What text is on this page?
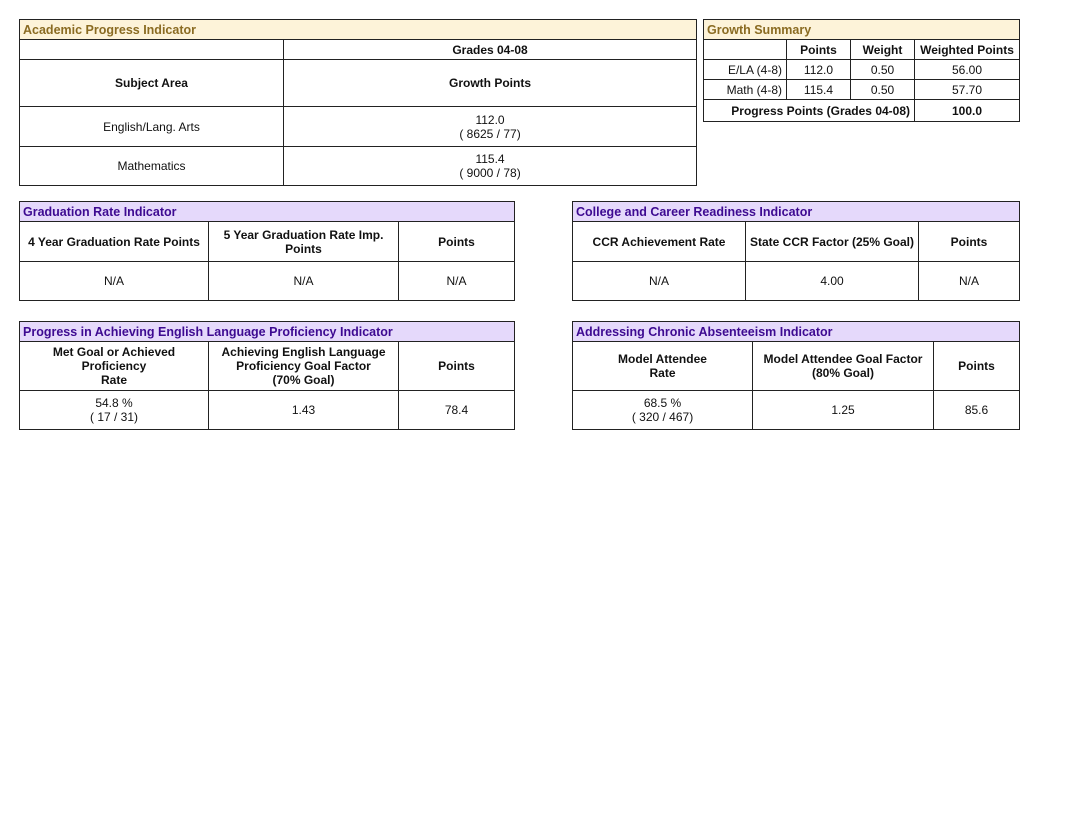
Academic Progress Indicator	
	Grades 04-08
Subject Area	Growth Points
English/Lang. Arts	112.0
( 8625 / 77)

Mathematics	115.4
( 9000 / 78)
Growth Summary			
	Points	Weight	Weighted Points
E/LA (4-8)	112.0	0.50	56.00
Math (4-8)	115.4	0.50	57.70
Progress Points (Grades 04-08)			100.0
Graduation Rate Indicator		
4 Year Graduation Rate Points	5 Year Graduation Rate Imp. Points	Points
N/A	N/A	N/A
College and Career Readiness Indicator		
CCR Achievement Rate	State CCR Factor (25% Goal)	Points
N/A	4.00	N/A
Progress in Achieving English Language Proficiency Indicator		

Met Goal or Achieved
Proficiency
Rate	Achieving English Language
Proficiency Goal Factor
(70% Goal)	Points

54.8 %
( 17 / 31)	1.43	78.4
Addressing Chronic Absenteeism Indicator		

Model Attendee
Rate	Model Attendee Goal Factor
(80% Goal)	Points

68.5 %
( 320 / 467)	1.25	85.6
